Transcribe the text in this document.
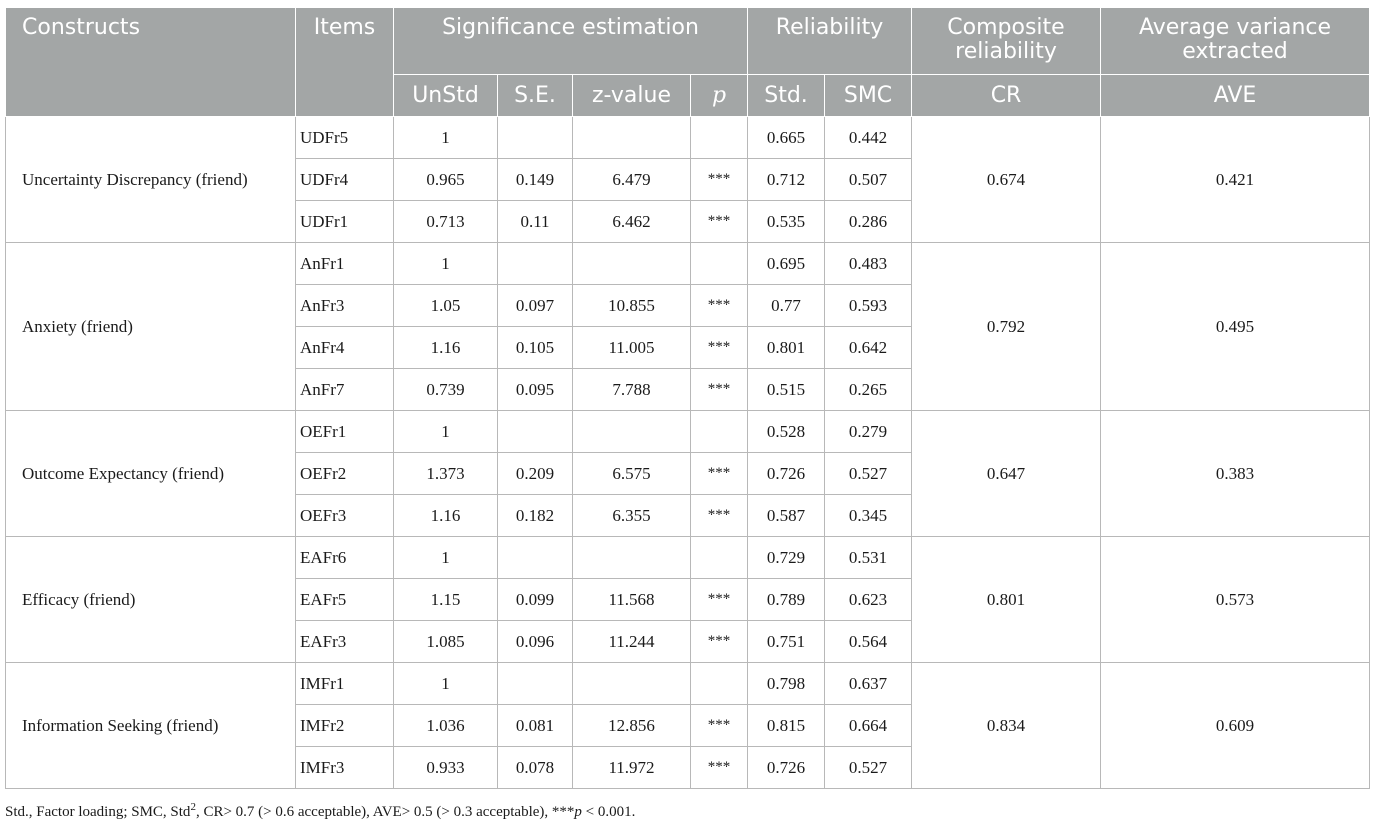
Constructs	Items	Significance estimation				Reliability		Composite reliability	Average variance extracted
		UnStd	S.E.	z-value	p	Std.	SMC	CR	AVE
Uncertainty Discrepancy (friend)	UDFr5	1				0.665	0.442	0.674	0.421
	UDFr4	0.965	0.149	6.479	***	0.712	0.507		
	UDFr1	0.713	0.11	6.462	***	0.535	0.286		
Anxiety (friend)	AnFr1	1				0.695	0.483	0.792	0.495
	AnFr3	1.05	0.097	10.855	***	0.77	0.593		
	AnFr4	1.16	0.105	11.005	***	0.801	0.642		
	AnFr7	0.739	0.095	7.788	***	0.515	0.265		
Outcome Expectancy (friend)	OEFr1	1				0.528	0.279	0.647	0.383
	OEFr2	1.373	0.209	6.575	***	0.726	0.527		
	OEFr3	1.16	0.182	6.355	***	0.587	0.345		
Efficacy (friend)	EAFr6	1				0.729	0.531	0.801	0.573
	EAFr5	1.15	0.099	11.568	***	0.789	0.623		
	EAFr3	1.085	0.096	11.244	***	0.751	0.564		
Information Seeking (friend)	IMFr1	1				0.798	0.637	0.834	0.609
	IMFr2	1.036	0.081	12.856	***	0.815	0.664		
	IMFr3	0.933	0.078	11.972	***	0.726	0.527		
Std., Factor loading; SMC, Std$^2$, CR> 0.7 (> 0.6 acceptable), AVE> 0.5 (> 0.3 acceptable), ***p < 0.001.
